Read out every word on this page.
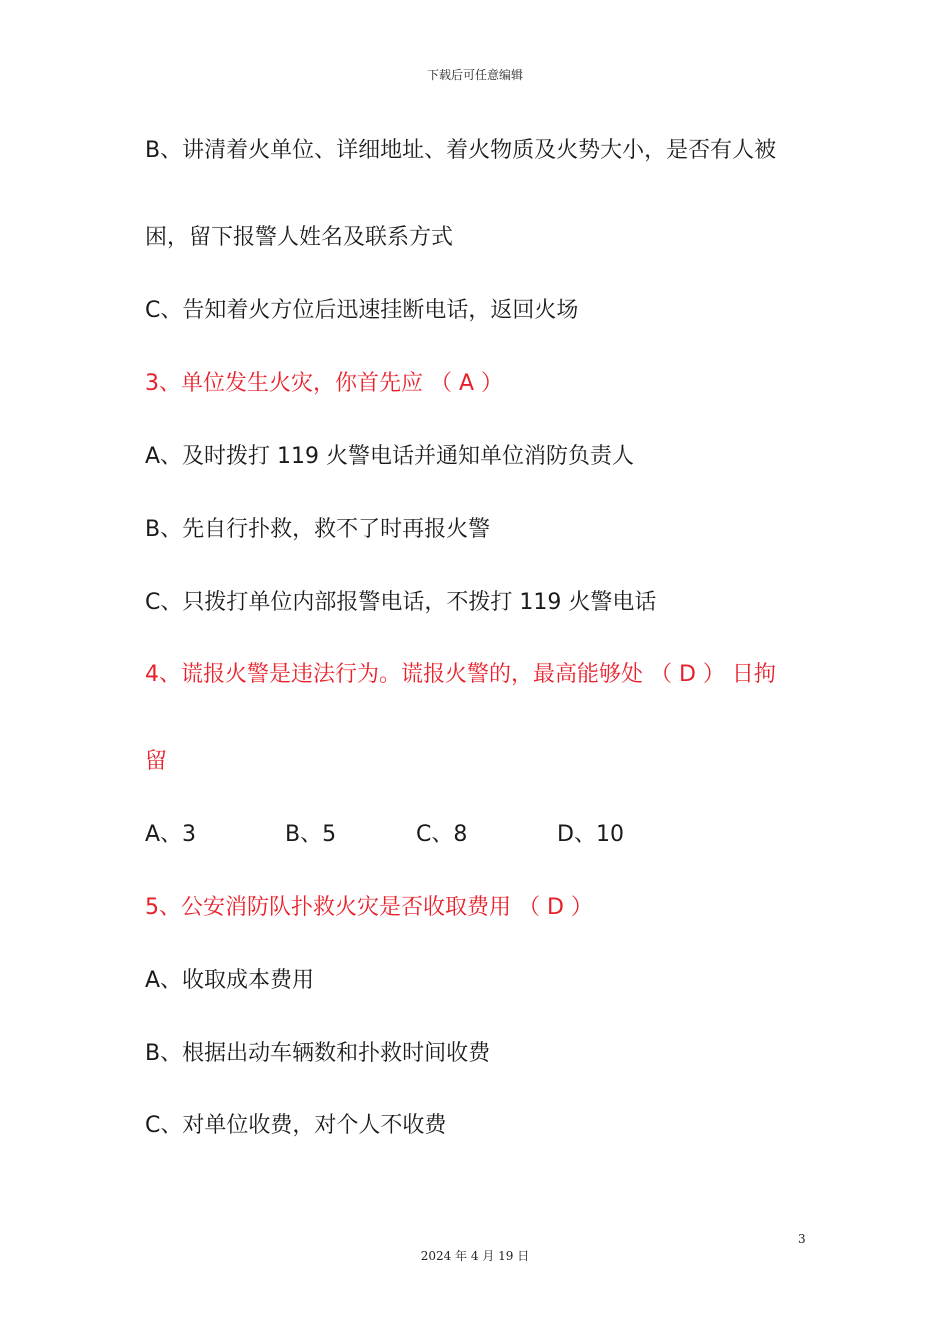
下载后可任意编辑
B、讲清着火单位、详细地址、着火物质及火势大小，是否有人被
困，留下报警人姓名及联系方式
C、告知着火方位后迅速挂断电话，返回火场
3、单位发生火灾，你首先应 （ A ）
A、及时拨打 119 火警电话并通知单位消防负责人
B、先自行扑救，救不了时再报火警
C、只拨打单位内部报警电话，不拨打 119 火警电话
4、谎报火警是违法行为。谎报火警的，最高能够处 （ D ） 日拘
留
A、3	B、5	C、8	D、10
5、公安消防队扑救火灾是否收取费用 （ D ）
A、收取成本费用
B、根据出动车辆数和扑救时间收费
C、对单位收费，对个人不收费
3
2024 年 4 月 19 日
